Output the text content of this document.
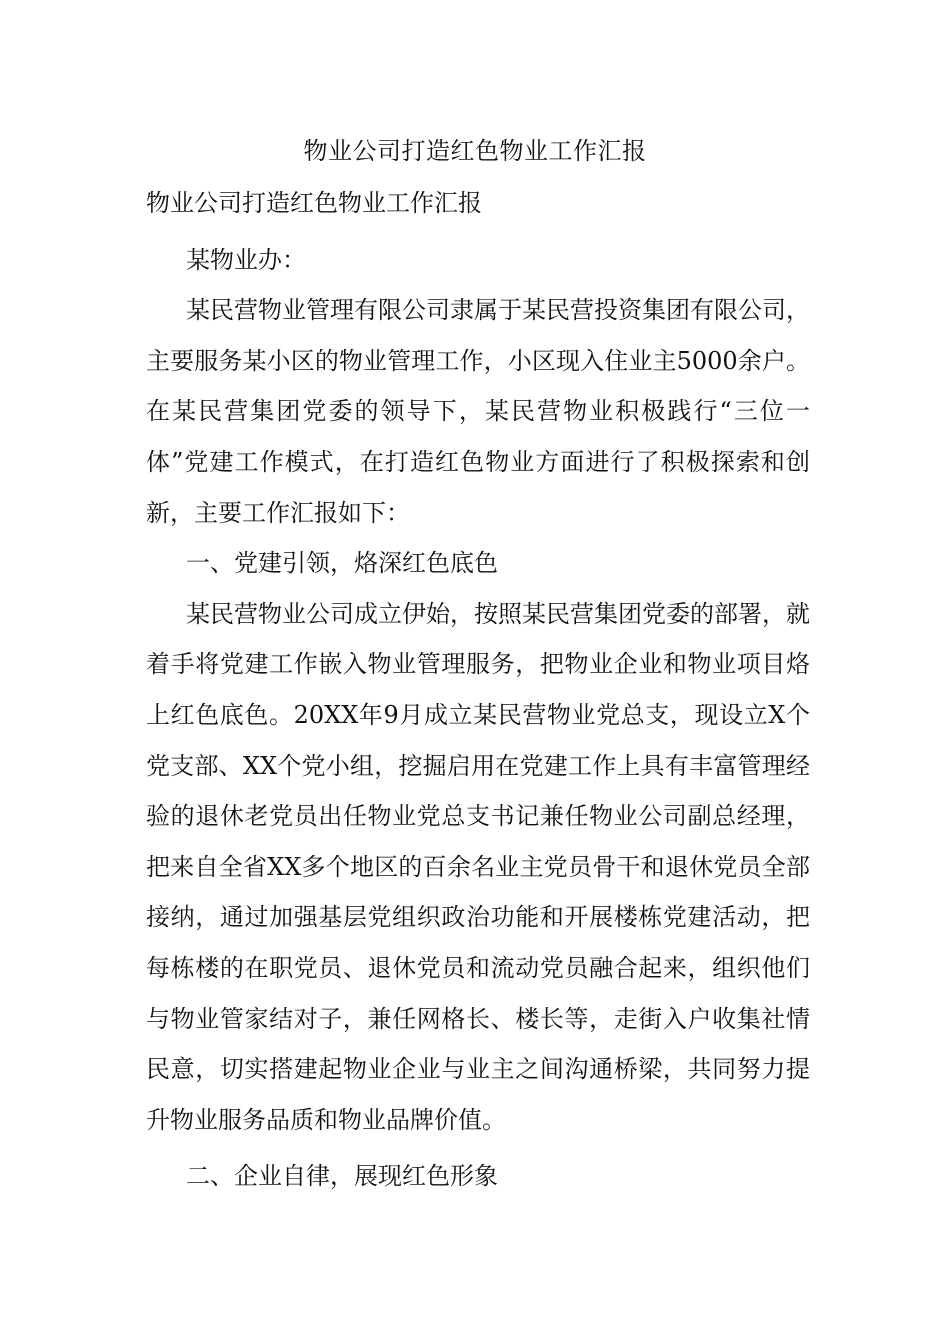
物业公司打造红色物业工作汇报

物业公司打造红色物业工作汇报

某物业办：

某民营物业管理有限公司隶属于某民营投资集团有限公司，主要服务某小区的物业管理工作，小区现入住业主5000余户。在某民营集团党委的领导下，某民营物业积极践行“三位一体”党建工作模式，在打造红色物业方面进行了积极探索和创新，主要工作汇报如下：

一、党建引领，烙深红色底色

某民营物业公司成立伊始，按照某民营集团党委的部署，就着手将党建工作嵌入物业管理服务，把物业企业和物业项目烙上红色底色。20XX年9月成立某民营物业党总支，现设立X个党支部、XX个党小组，挖掘启用在党建工作上具有丰富管理经验的退休老党员出任物业党总支书记兼任物业公司副总经理，把来自全省XX多个地区的百余名业主党员骨干和退休党员全部接纳，通过加强基层党组织政治功能和开展楼栋党建活动，把每栋楼的在职党员、退休党员和流动党员融合起来，组织他们与物业管家结对子，兼任网格长、楼长等，走街入户收集社情民意，切实搭建起物业企业与业主之间沟通桥梁，共同努力提升物业服务品质和物业品牌价值。

二、企业自律，展现红色形象
